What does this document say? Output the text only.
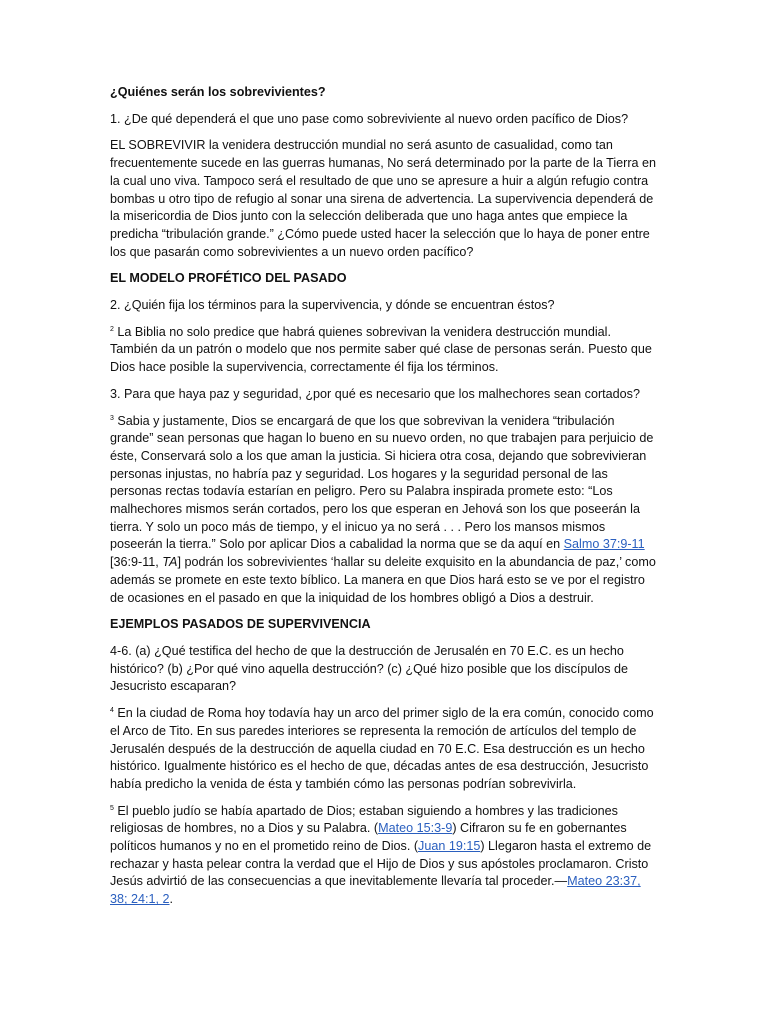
¿Quiénes serán los sobrevivientes?

1. ¿De qué dependerá el que uno pase como sobreviviente al nuevo orden pacífico de Dios?

EL SOBREVIVIR la venidera destrucción mundial no será asunto de casualidad, como tan frecuentemente sucede en las guerras humanas, No será determinado por la parte de la Tierra en la cual uno viva. Tampoco será el resultado de que uno se apresure a huir a algún refugio contra bombas u otro tipo de refugio al sonar una sirena de advertencia. La supervivencia dependerá de la misericordia de Dios junto con la selección deliberada que uno haga antes que empiece la predicha “tribulación grande.” ¿Cómo puede usted hacer la selección que lo haya de poner entre los que pasarán como sobrevivientes a un nuevo orden pacífico?

EL MODELO PROFÉTICO DEL PASADO

2. ¿Quién fija los términos para la supervivencia, y dónde se encuentran éstos?

$^2$ La Biblia no solo predice que habrá quienes sobrevivan la venidera destrucción mundial. También da un patrón o modelo que nos permite saber qué clase de personas serán. Puesto que Dios hace posible la supervivencia, correctamente él fija los términos.

3. Para que haya paz y seguridad, ¿por qué es necesario que los malhechores sean cortados?

$^3$ Sabia y justamente, Dios se encargará de que los que sobrevivan la venidera “tribulación grande” sean personas que hagan lo bueno en su nuevo orden, no que trabajen para perjuicio de éste, Conservará solo a los que aman la justicia. Si hiciera otra cosa, dejando que sobrevivieran personas injustas, no habría paz y seguridad. Los hogares y la seguridad personal de las personas rectas todavía estarían en peligro. Pero su Palabra inspirada promete esto: “Los malhechores mismos serán cortados, pero los que esperan en Jehová son los que poseerán la tierra. Y solo un poco más de tiempo, y el inicuo ya no será . . . Pero los mansos mismos poseerán la tierra.” Solo por aplicar Dios a cabalidad la norma que se da aquí en Salmo 37:9-11 [36:9-11, TA] podrán los sobrevivientes ‘hallar su deleite exquisito en la abundancia de paz,’ como además se promete en este texto bíblico. La manera en que Dios hará esto se ve por el registro de ocasiones en el pasado en que la iniquidad de los hombres obligó a Dios a destruir.

EJEMPLOS PASADOS DE SUPERVIVENCIA

4-6. (a) ¿Qué testifica del hecho de que la destrucción de Jerusalén en 70 E.C. es un hecho histórico? (b) ¿Por qué vino aquella destrucción? (c) ¿Qué hizo posible que los discípulos de Jesucristo escaparan?

$^4$ En la ciudad de Roma hoy todavía hay un arco del primer siglo de la era común, conocido como el Arco de Tito. En sus paredes interiores se representa la remoción de artículos del templo de Jerusalén después de la destrucción de aquella ciudad en 70 E.C. Esa destrucción es un hecho histórico. Igualmente histórico es el hecho de que, décadas antes de esa destrucción, Jesucristo había predicho la venida de ésta y también cómo las personas podrían sobrevivirla.

$^5$ El pueblo judío se había apartado de Dios; estaban siguiendo a hombres y las tradiciones religiosas de hombres, no a Dios y su Palabra. (Mateo 15:3-9) Cifraron su fe en gobernantes políticos humanos y no en el prometido reino de Dios. (Juan 19:15) Llegaron hasta el extremo de rechazar y hasta pelear contra la verdad que el Hijo de Dios y sus apóstoles proclamaron. Cristo Jesús advirtió de las consecuencias a que inevitablemente llevaría tal proceder.—Mateo 23:37, 38; 24:1, 2.
